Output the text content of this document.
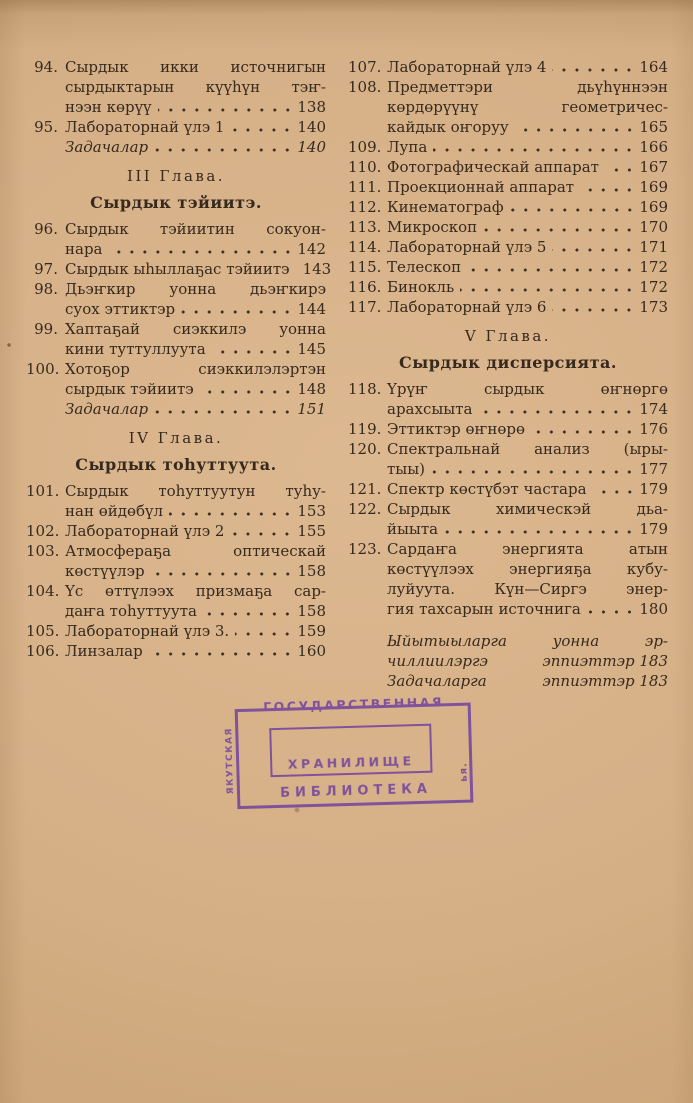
94. Сырдык икки источнигын
сырдыктарын күүһүн тэҥ-
нээн көрүү	138
95. Лабораторнай үлэ 1	140
Задачалар	140
III Глава.
Сырдык тэйиитэ.
96. Сырдык тэйиитин сокуон-
нара	142
97. Сырдык ыһыллаҕас тэйиитэ 143
98. Дьэҥкир уонна дьэҥкирэ
суох эттиктэр	144
99. Хаптаҕай сиэккилэ уонна
кини туттуллуута	145
100. Хотоҕор сиэккилэлэртэн
сырдык тэйиитэ	148
Задачалар	151
IV Глава.
Сырдык тоһуттуута.
101. Сырдык тоһуттуутун туһу-
нан өйдөбүл	153
102. Лабораторнай үлэ 2	155
103. Атмосфераҕа оптическай
көстүүлэр	158
104. Үс өттүлээх призмаҕа сар-
даҥа тоһуттуута	158
105. Лабораторнай үлэ 3.	159
106. Линзалар	160
107. Лабораторнай үлэ 4	164
108. Предметтэри дьүһүннээн
көрдөрүүнү геометричес-
кайдык оҥоруу	165
109. Лупа	166
110. Фотографическай аппарат	167
111. Проекционнай аппарат	169
112. Кинематограф	169
113. Микроскоп	170
114. Лабораторнай үлэ 5	171
115. Телескоп	172
116. Бинокль	172
117. Лабораторнай үлэ 6	173
V Глава.
Сырдык дисперсията.
118. Үрүҥ сырдык өҥнөргө
арахсыыта	174
119. Эттиктэр өҥнөрө	176
120. Спектральнай анализ (ыры-
тыы)	177
121. Спектр көстүбэт частара	179
122. Сырдык химическэй дьа-
йыыта	179
123. Сардаҥа энергията атын
көстүүлээх энергияҕа кубу-
луйуута. Күн—Сиргэ энер-
гия тахсарын источнига	180
Ыйытыыларга уонна эр-
чиллиилэргэ	эппиэттэр 183
Задачаларга	эппиэттэр 183
ГОСУДАРСТВЕННАЯ
ХРАНИЛИЩЕ
БИБЛИОТЕКА
ЯКУТСКАЯ	ья.
